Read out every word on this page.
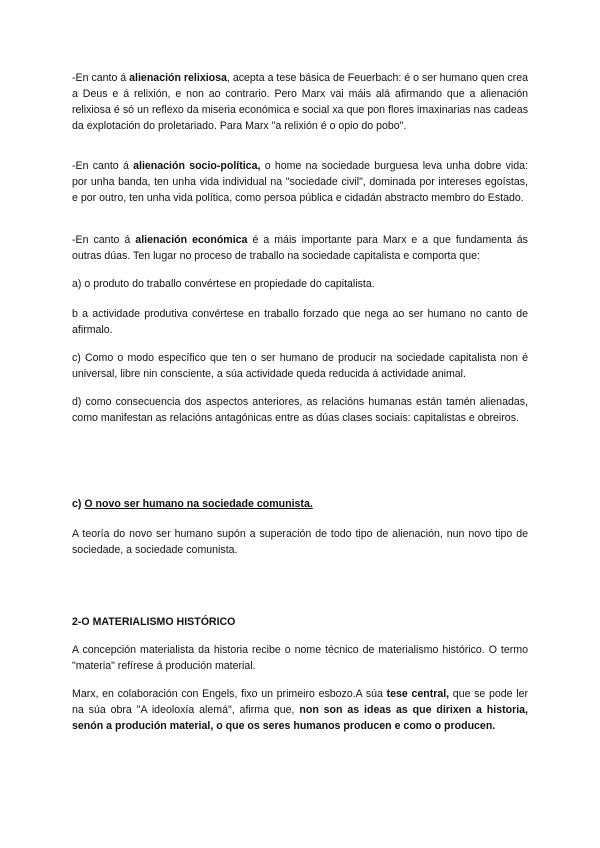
-En canto á alienación relixiosa, acepta a tese básica de Feuerbach: é o ser humano quen crea a Deus e á relixión, e non ao contrario. Pero Marx vai máis alá afirmando que a alienación relixiosa é só un reflexo da miseria económica e social xa que pon flores imaxinarias nas cadeas da explotación do proletariado. Para Marx "a relixión é o opio do pobo".

-En canto á alienación socio-política, o home na sociedade burguesa leva unha dobre vida: por unha banda, ten unha vida individual na "sociedade civil", dominada por intereses egoístas, e por outro, ten unha vida política, como persoa pública e cidadán abstracto membro do Estado.

-En canto á alienación económica é a máis importante para Marx e a que fundamenta ás outras dúas. Ten lugar no proceso de traballo na sociedade capitalista e comporta que:

a) o produto do traballo convértese en propiedade do capitalista.

b a actividade produtiva convértese en traballo forzado que nega ao ser humano no canto de afirmalo.

c) Como o modo específico que ten o ser humano de producir na sociedade capitalista non é universal, libre nin consciente, a súa actividade queda reducida á actividade animal.

d) como consecuencia dos aspectos anteriores, as relacións humanas están tamén alienadas, como manifestan as relacións antagónicas entre as dúas clases sociais: capitalistas e obreiros.

c) O novo ser humano na sociedade comunista.

A teoría do novo ser humano supón a superación de todo tipo de alienación, nun novo tipo de sociedade, a sociedade comunista.

2-O MATERIALISMO HISTÓRICO

A concepción materialista da historia recibe o nome técnico de materialismo histórico. O termo "materia" refírese á produción material.

Marx, en colaboración con Engels, fixo un primeiro esbozo.A súa tese central, que se pode ler na súa obra "A ideoloxía alemá", afirma que, non son as ideas as que dirixen a historia, senón a produción material, o que os seres humanos producen e como o producen.
